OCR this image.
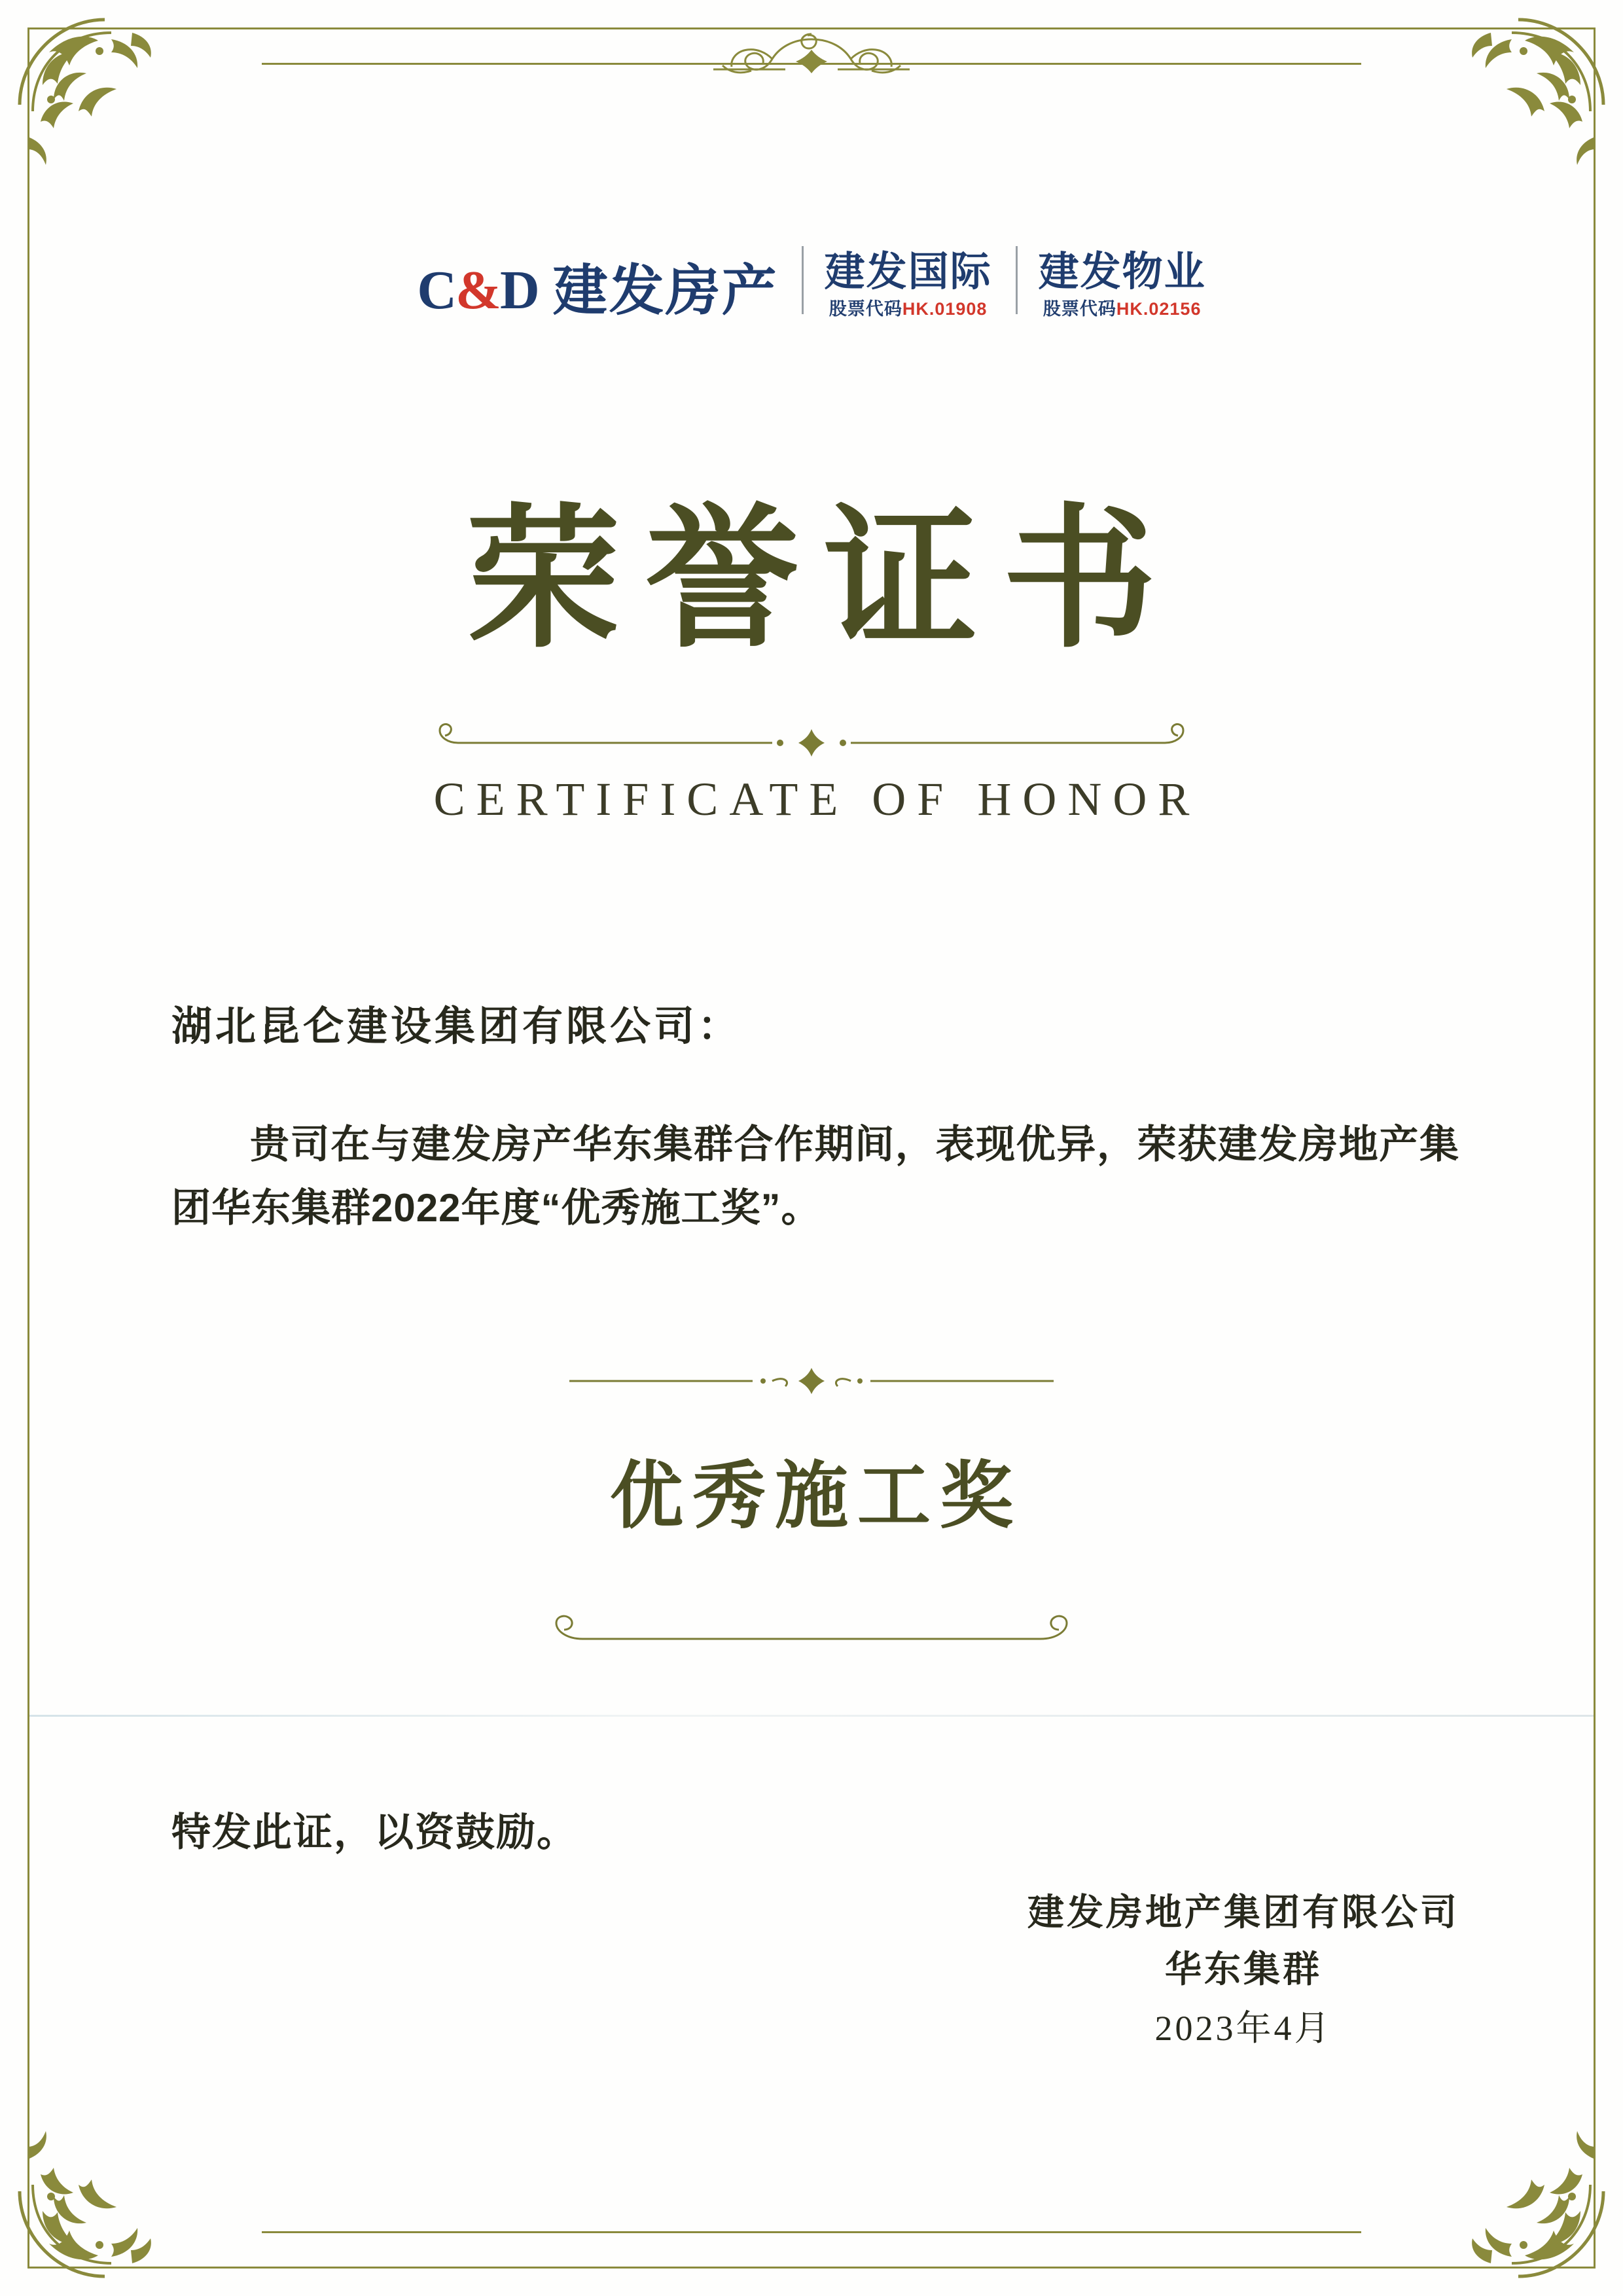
C & D 建发房产 建发国际
股票代码HK.01908
建发物业
股票代码HK.02156
荣誉证书
CERTIFICATE OF HONOR
湖北昆仑建设集团有限公司：
贵司在与建发房产华东集群合作期间，表现优异，荣获建发房地产集团华东集群2022年度“优秀施工奖”。
优秀施工奖
特发此证，以资鼓励。
建发房地产集团有限公司
华东集群
2023年4月
